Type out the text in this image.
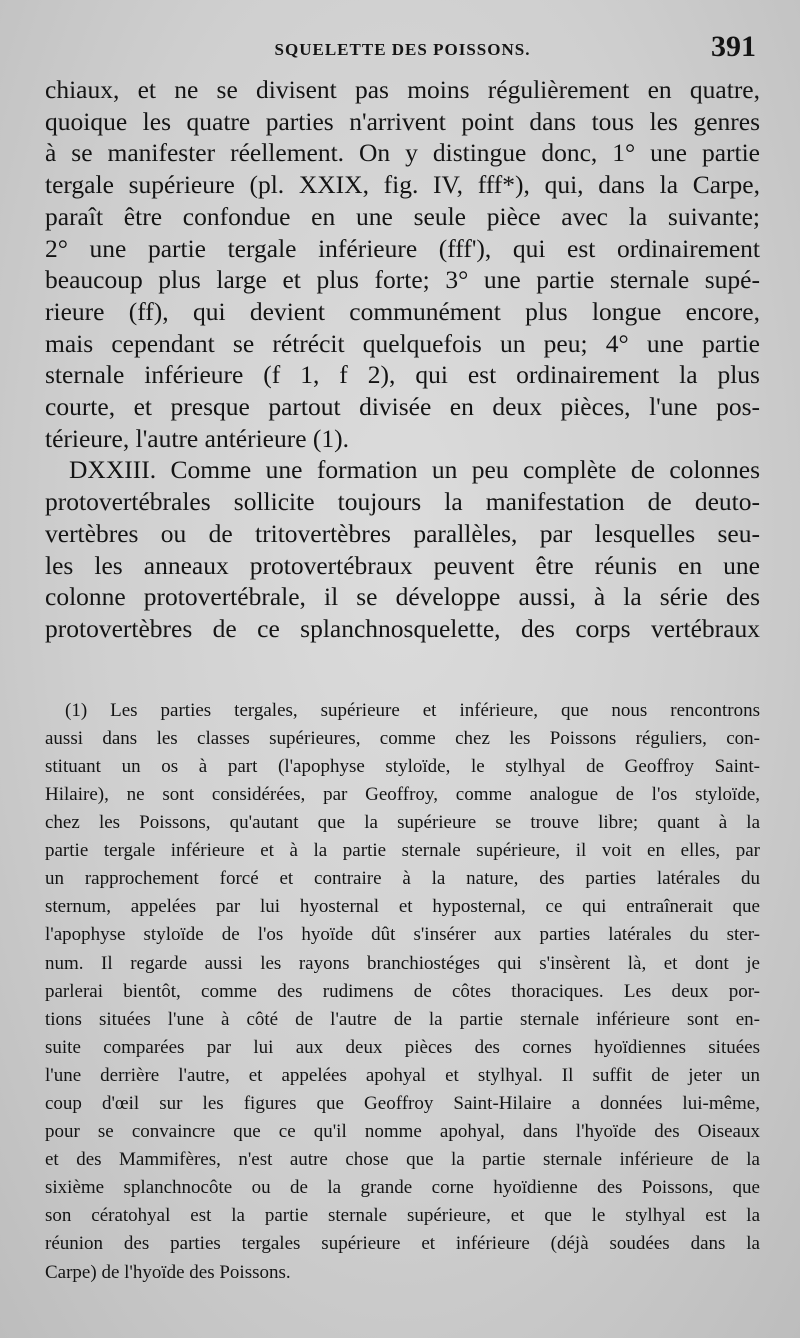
SQUELETTE DES POISSONS.	391

chiaux, et ne se divisent pas moins régulièrement en quatre,
quoique les quatre parties n'arrivent point dans tous les genres
à se manifester réellement. On y distingue donc, 1° une partie
tergale supérieure (pl. XXIX, fig. IV, fff*), qui, dans la Carpe,
paraît être confondue en une seule pièce avec la suivante;
2° une partie tergale inférieure (fff'), qui est ordinairement
beaucoup plus large et plus forte; 3° une partie sternale supé-
rieure (ff), qui devient communément plus longue encore,
mais cependant se rétrécit quelquefois un peu; 4° une partie
sternale inférieure (f 1, f 2), qui est ordinairement la plus
courte, et presque partout divisée en deux pièces, l'une pos-
térieure, l'autre antérieure (1).

DXXIII. Comme une formation un peu complète de colonnes
protovertébrales sollicite toujours la manifestation de deuto-
vertèbres ou de tritovertèbres parallèles, par lesquelles seu-
les les anneaux protovertébraux peuvent être réunis en une
colonne protovertébrale, il se développe aussi, à la série des
protovertèbres de ce splanchnosquelette, des corps vertébraux

(1) Les parties tergales, supérieure et inférieure, que nous rencontrons
aussi dans les classes supérieures, comme chez les Poissons réguliers, con-
stituant un os à part (l'apophyse styloïde, le stylhyal de Geoffroy Saint-
Hilaire), ne sont considérées, par Geoffroy, comme analogue de l'os styloïde,
chez les Poissons, qu'autant que la supérieure se trouve libre; quant à la
partie tergale inférieure et à la partie sternale supérieure, il voit en elles, par
un rapprochement forcé et contraire à la nature, des parties latérales du
sternum, appelées par lui hyosternal et hyposternal, ce qui entraînerait que
l'apophyse styloïde de l'os hyoïde dût s'insérer aux parties latérales du ster-
num. Il regarde aussi les rayons branchiostéges qui s'insèrent là, et dont je
parlerai bientôt, comme des rudimens de côtes thoraciques. Les deux por-
tions situées l'une à côté de l'autre de la partie sternale inférieure sont en-
suite comparées par lui aux deux pièces des cornes hyoïdiennes situées
l'une derrière l'autre, et appelées apohyal et stylhyal. Il suffit de jeter un
coup d'œil sur les figures que Geoffroy Saint-Hilaire a données lui-même,
pour se convaincre que ce qu'il nomme apohyal, dans l'hyoïde des Oiseaux
et des Mammifères, n'est autre chose que la partie sternale inférieure de la
sixième splanchnocôte ou de la grande corne hyoïdienne des Poissons, que
son cératohyal est la partie sternale supérieure, et que le stylhyal est la
réunion des parties tergales supérieure et inférieure (déjà soudées dans la
Carpe) de l'hyoïde des Poissons.
